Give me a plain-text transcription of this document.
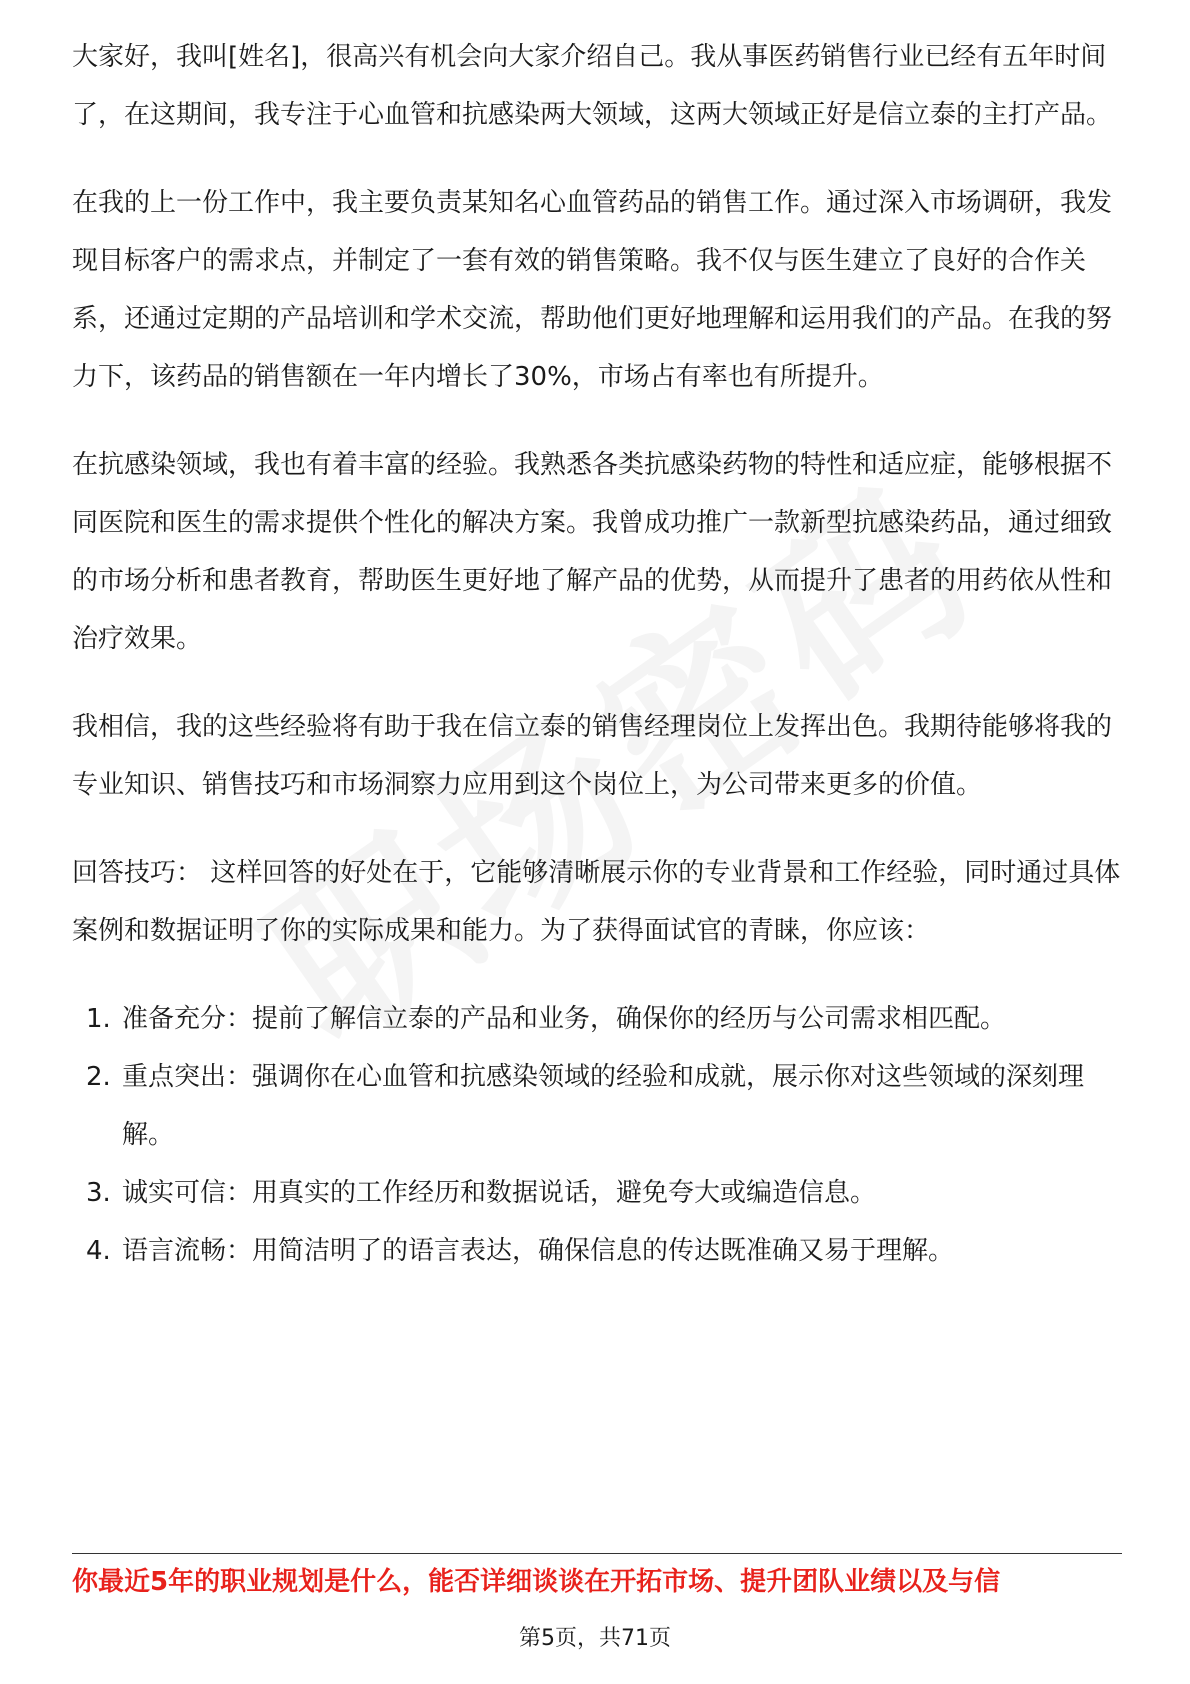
大家好，我叫[姓名]，很高兴有机会向大家介绍自己。我从事医药销售行业已经有五年时间了，在这期间，我专注于心血管和抗感染两大领域，这两大领域正好是信立泰的主打产品。

在我的上一份工作中，我主要负责某知名心血管药品的销售工作。通过深入市场调研，我发现目标客户的需求点，并制定了一套有效的销售策略。我不仅与医生建立了良好的合作关系，还通过定期的产品培训和学术交流，帮助他们更好地理解和运用我们的产品。在我的努力下，该药品的销售额在一年内增长了30%，市场占有率也有所提升。

在抗感染领域，我也有着丰富的经验。我熟悉各类抗感染药物的特性和适应症，能够根据不同医院和医生的需求提供个性化的解决方案。我曾成功推广一款新型抗感染药品，通过细致的市场分析和患者教育，帮助医生更好地了解产品的优势，从而提升了患者的用药依从性和治疗效果。

我相信，我的这些经验将有助于我在信立泰的销售经理岗位上发挥出色。我期待能够将我的专业知识、销售技巧和市场洞察力应用到这个岗位上，为公司带来更多的价值。

回答技巧： 这样回答的好处在于，它能够清晰展示你的专业背景和工作经验，同时通过具体案例和数据证明了你的实际成果和能力。为了获得面试官的青睐，你应该：

1. 准备充分：提前了解信立泰的产品和业务，确保你的经历与公司需求相匹配。
2. 重点突出：强调你在心血管和抗感染领域的经验和成就，展示你对这些领域的深刻理解。
3. 诚实可信：用真实的工作经历和数据说话，避免夸大或编造信息。
4. 语言流畅：用简洁明了的语言表达，确保信息的传达既准确又易于理解。
你最近5年的职业规划是什么，能否详细谈谈在开拓市场、提升团队业绩以及与信
第5页，共71页
